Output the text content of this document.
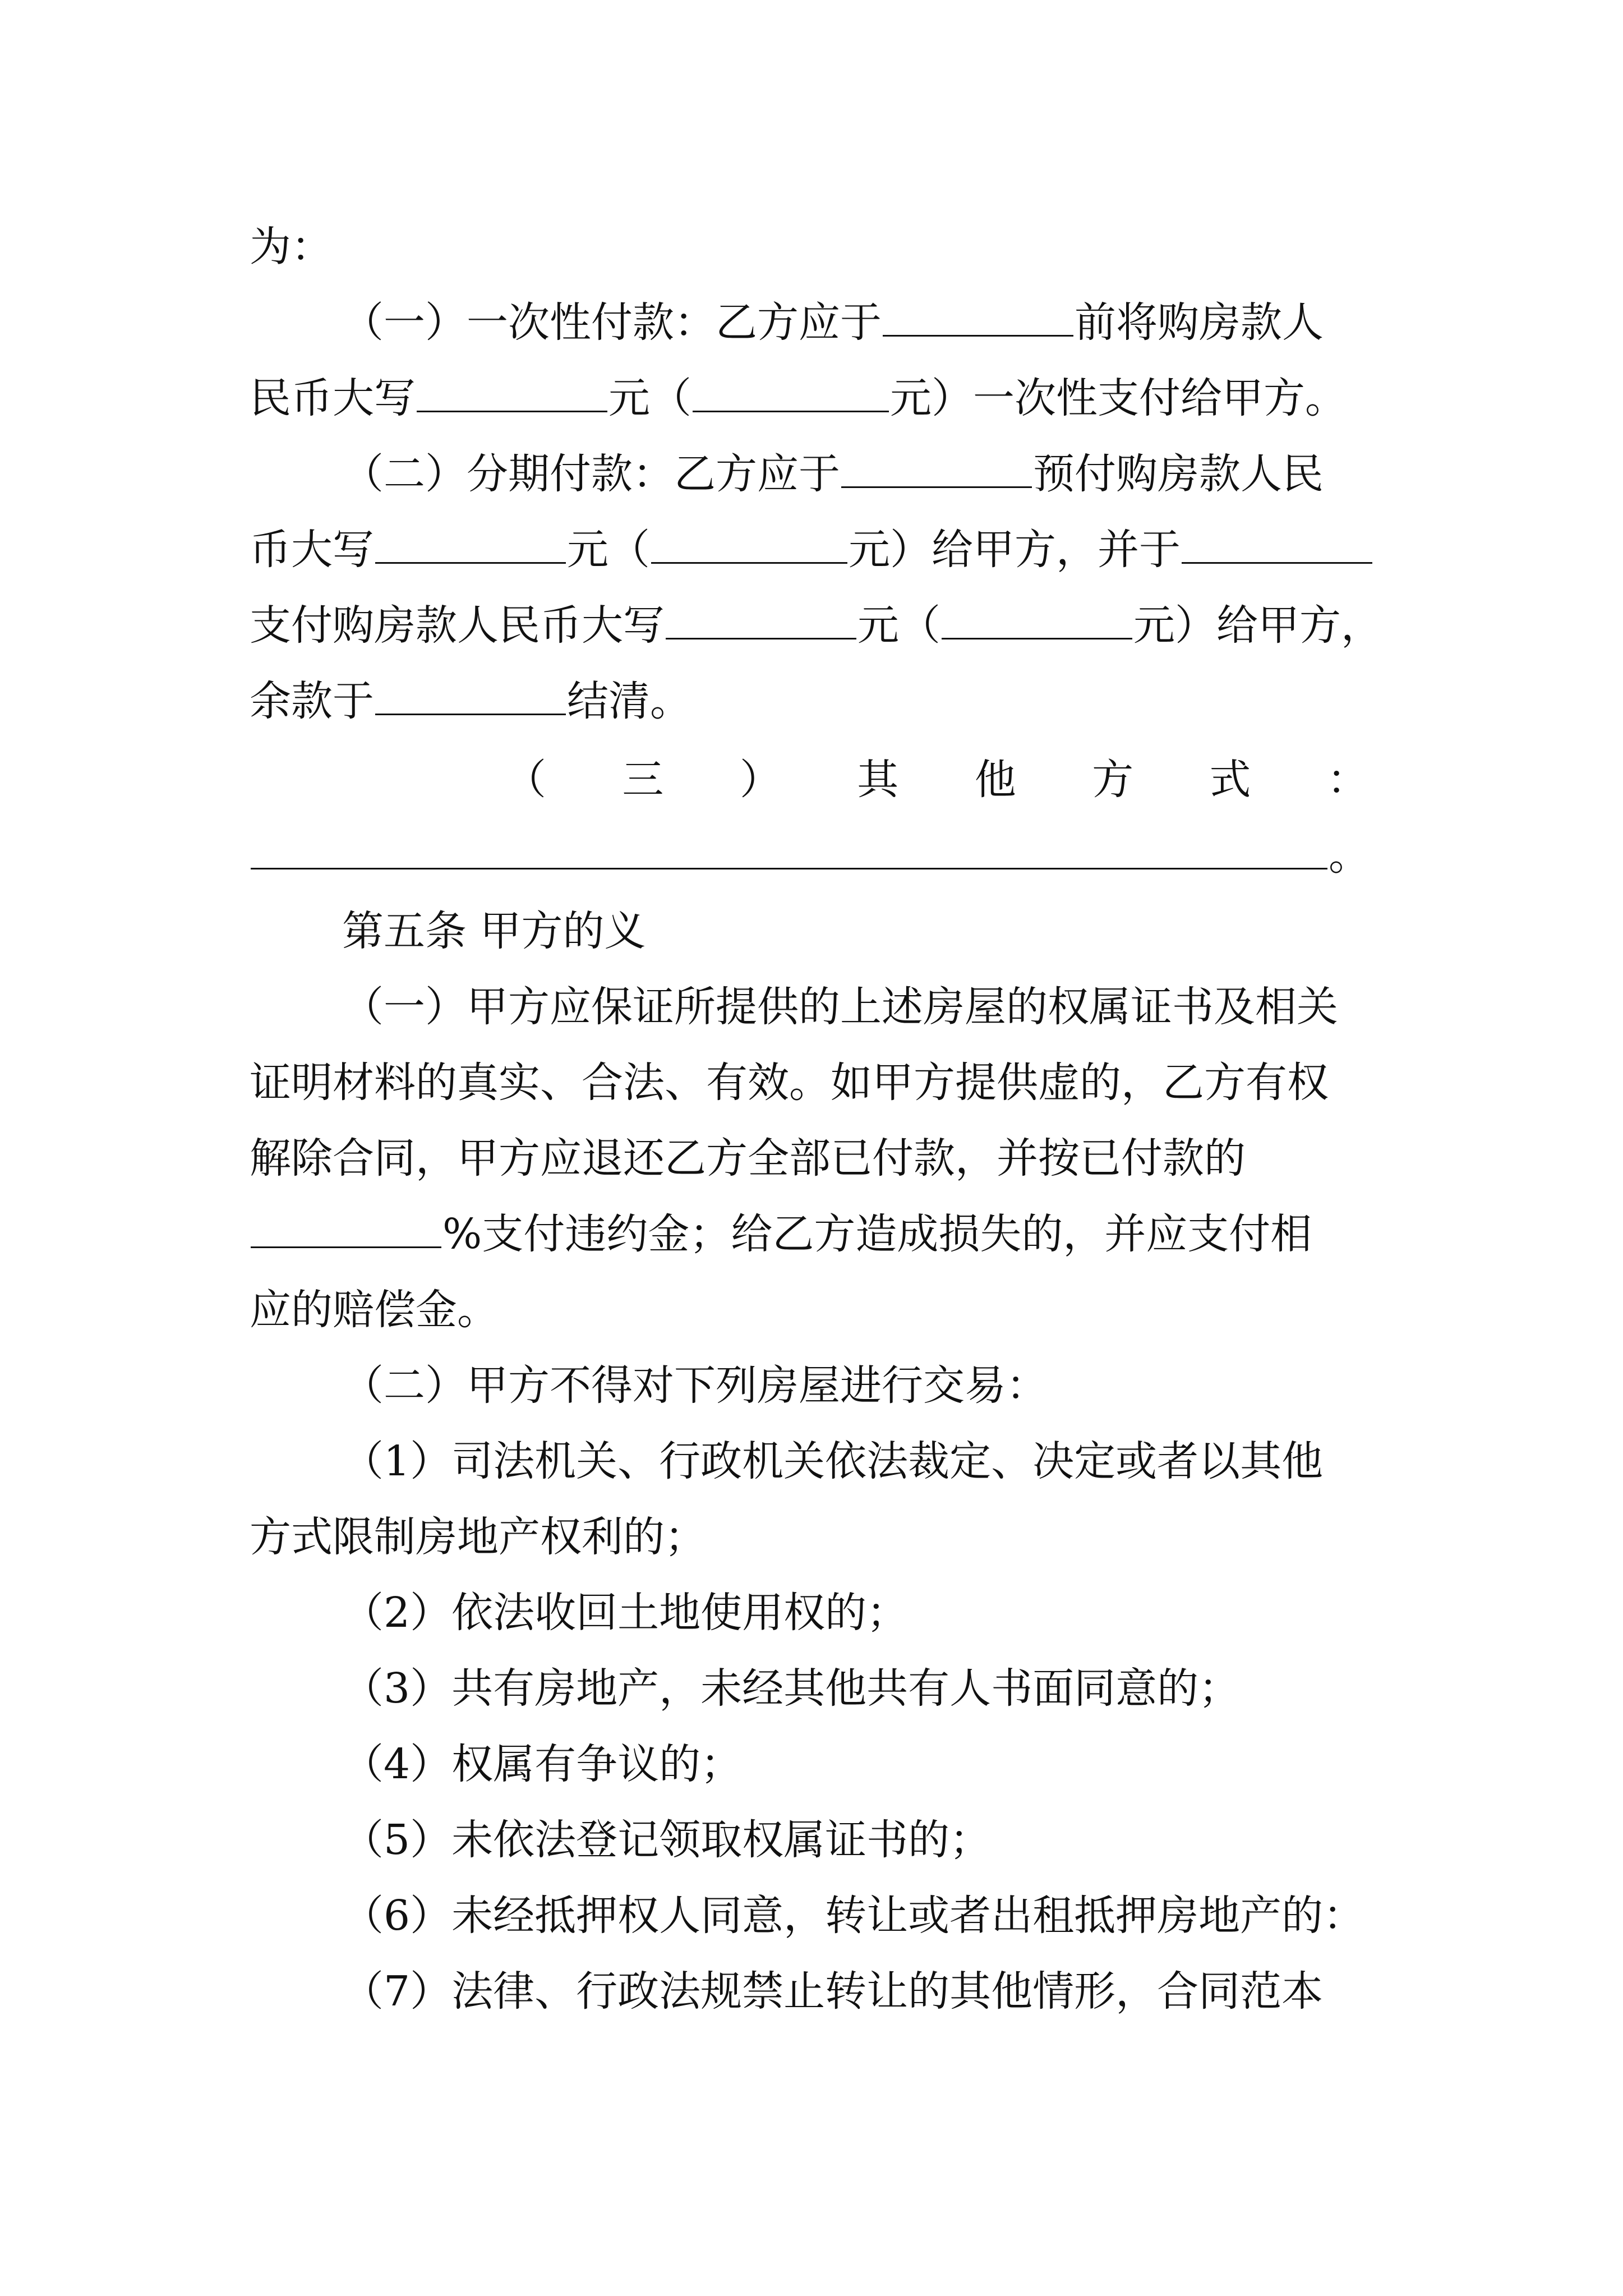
为：
（一）一次性付款：乙方应于	前将购房款人
民币大写	元（	元）一次性支付给甲方。
（二）分期付款：乙方应于	预付购房款人民
币大写	元（	元）给甲方，并于
支付购房款人民币大写	元（	元）给甲方，
余款于	结清。
（ 三 ） 其 他 方 式 ：
。
第五条 甲方的义
（一）甲方应保证所提供的上述房屋的权属证书及相关
证明材料的真实、合法、有效。如甲方提供虚的，乙方有权
解除合同，甲方应退还乙方全部已付款，并按已付款的
%支付违约金；给乙方造成损失的，并应支付相
应的赔偿金。
（二）甲方不得对下列房屋进行交易：
（1）司法机关、行政机关依法裁定、决定或者以其他
方式限制房地产权利的；
（2）依法收回土地使用权的；
（3）共有房地产，未经其他共有人书面同意的；
（4）权属有争议的；
（5）未依法登记领取权属证书的；
（6）未经抵押权人同意，转让或者出租抵押房地产的：
（7）法律、行政法规禁止转让的其他情形，合同范本
